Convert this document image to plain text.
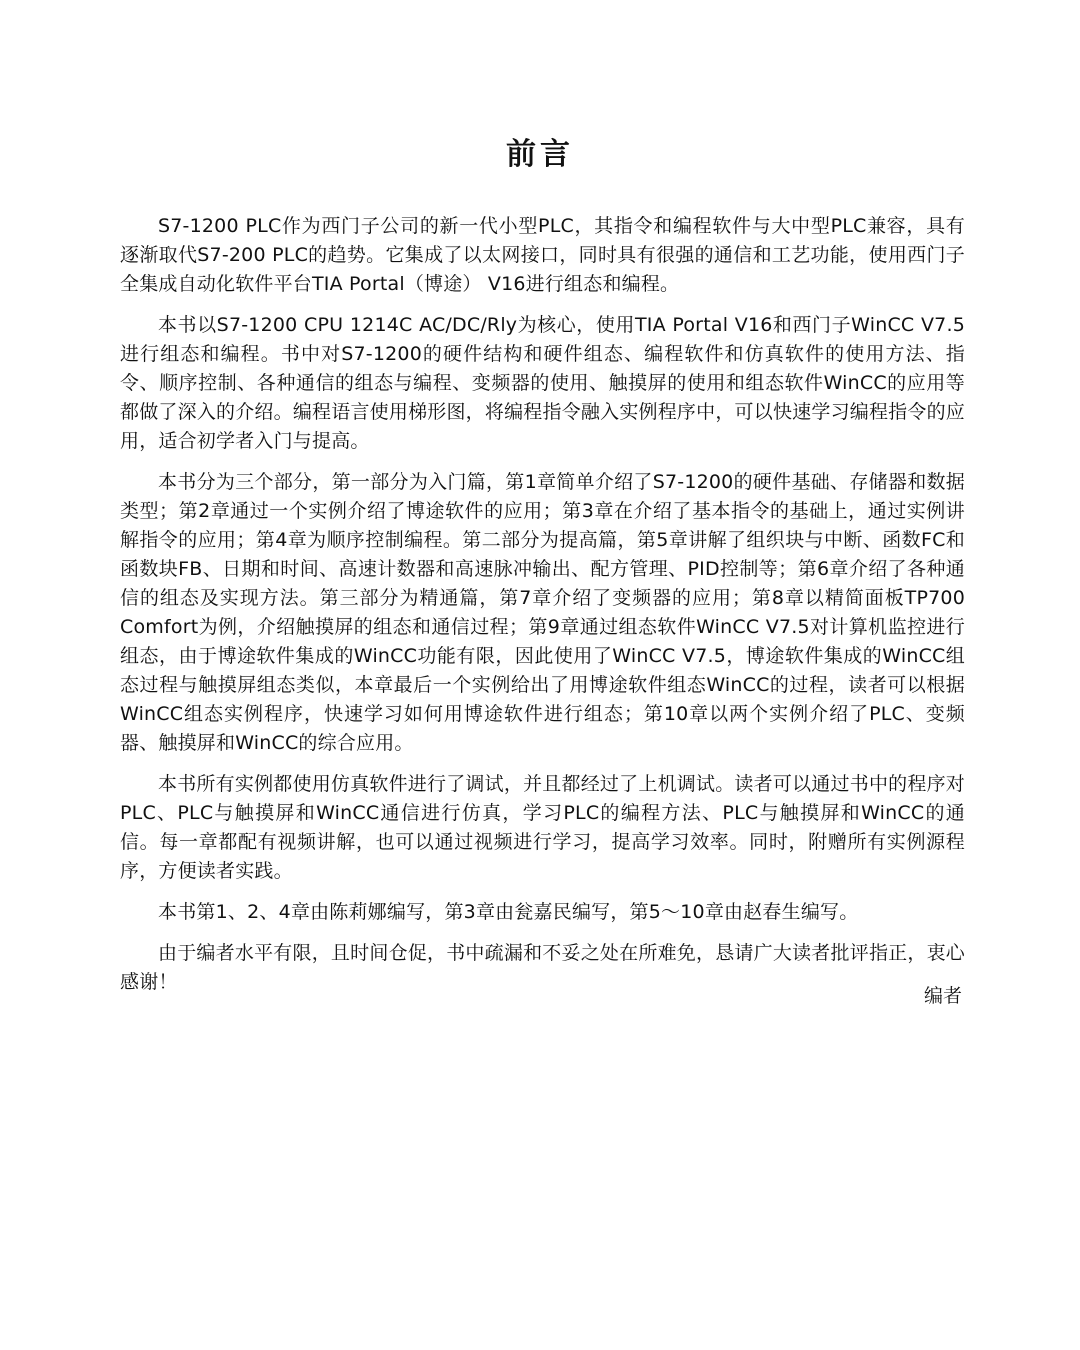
前言

S7-1200 PLC作为西门子公司的新一代小型PLC，其指令和编程软件与大中型PLC兼容，具有逐渐取代S7-200 PLC的趋势。它集成了以太网接口，同时具有很强的通信和工艺功能，使用西门子全集成自动化软件平台TIA Portal（博途） V16进行组态和编程。

本书以S7-1200 CPU 1214C AC/DC/Rly为核心，使用TIA Portal V16和西门子WinCC V7.5进行组态和编程。书中对S7-1200的硬件结构和硬件组态、编程软件和仿真软件的使用方法、指令、顺序控制、各种通信的组态与编程、变频器的使用、触摸屏的使用和组态软件WinCC的应用等都做了深入的介绍。编程语言使用梯形图，将编程指令融入实例程序中，可以快速学习编程指令的应用，适合初学者入门与提高。

本书分为三个部分，第一部分为入门篇，第1章简单介绍了S7-1200的硬件基础、存储器和数据类型；第2章通过一个实例介绍了博途软件的应用；第3章在介绍了基本指令的基础上，通过实例讲解指令的应用；第4章为顺序控制编程。第二部分为提高篇，第5章讲解了组织块与中断、函数FC和函数块FB、日期和时间、高速计数器和高速脉冲输出、配方管理、PID控制等；第6章介绍了各种通信的组态及实现方法。第三部分为精通篇，第7章介绍了变频器的应用；第8章以精简面板TP700 Comfort为例，介绍触摸屏的组态和通信过程；第9章通过组态软件WinCC V7.5对计算机监控进行组态，由于博途软件集成的WinCC功能有限，因此使用了WinCC V7.5，博途软件集成的WinCC组态过程与触摸屏组态类似，本章最后一个实例给出了用博途软件组态WinCC的过程，读者可以根据WinCC组态实例程序，快速学习如何用博途软件进行组态；第10章以两个实例介绍了PLC、变频器、触摸屏和WinCC的综合应用。

本书所有实例都使用仿真软件进行了调试，并且都经过了上机调试。读者可以通过书中的程序对PLC、PLC与触摸屏和WinCC通信进行仿真，学习PLC的编程方法、PLC与触摸屏和WinCC的通信。每一章都配有视频讲解，也可以通过视频进行学习，提高学习效率。同时，附赠所有实例源程序，方便读者实践。

本书第1、2、4章由陈莉娜编写，第3章由瓮嘉民编写，第5～10章由赵春生编写。

由于编者水平有限，且时间仓促，书中疏漏和不妥之处在所难免，恳请广大读者批评指正，衷心感谢！

编者
